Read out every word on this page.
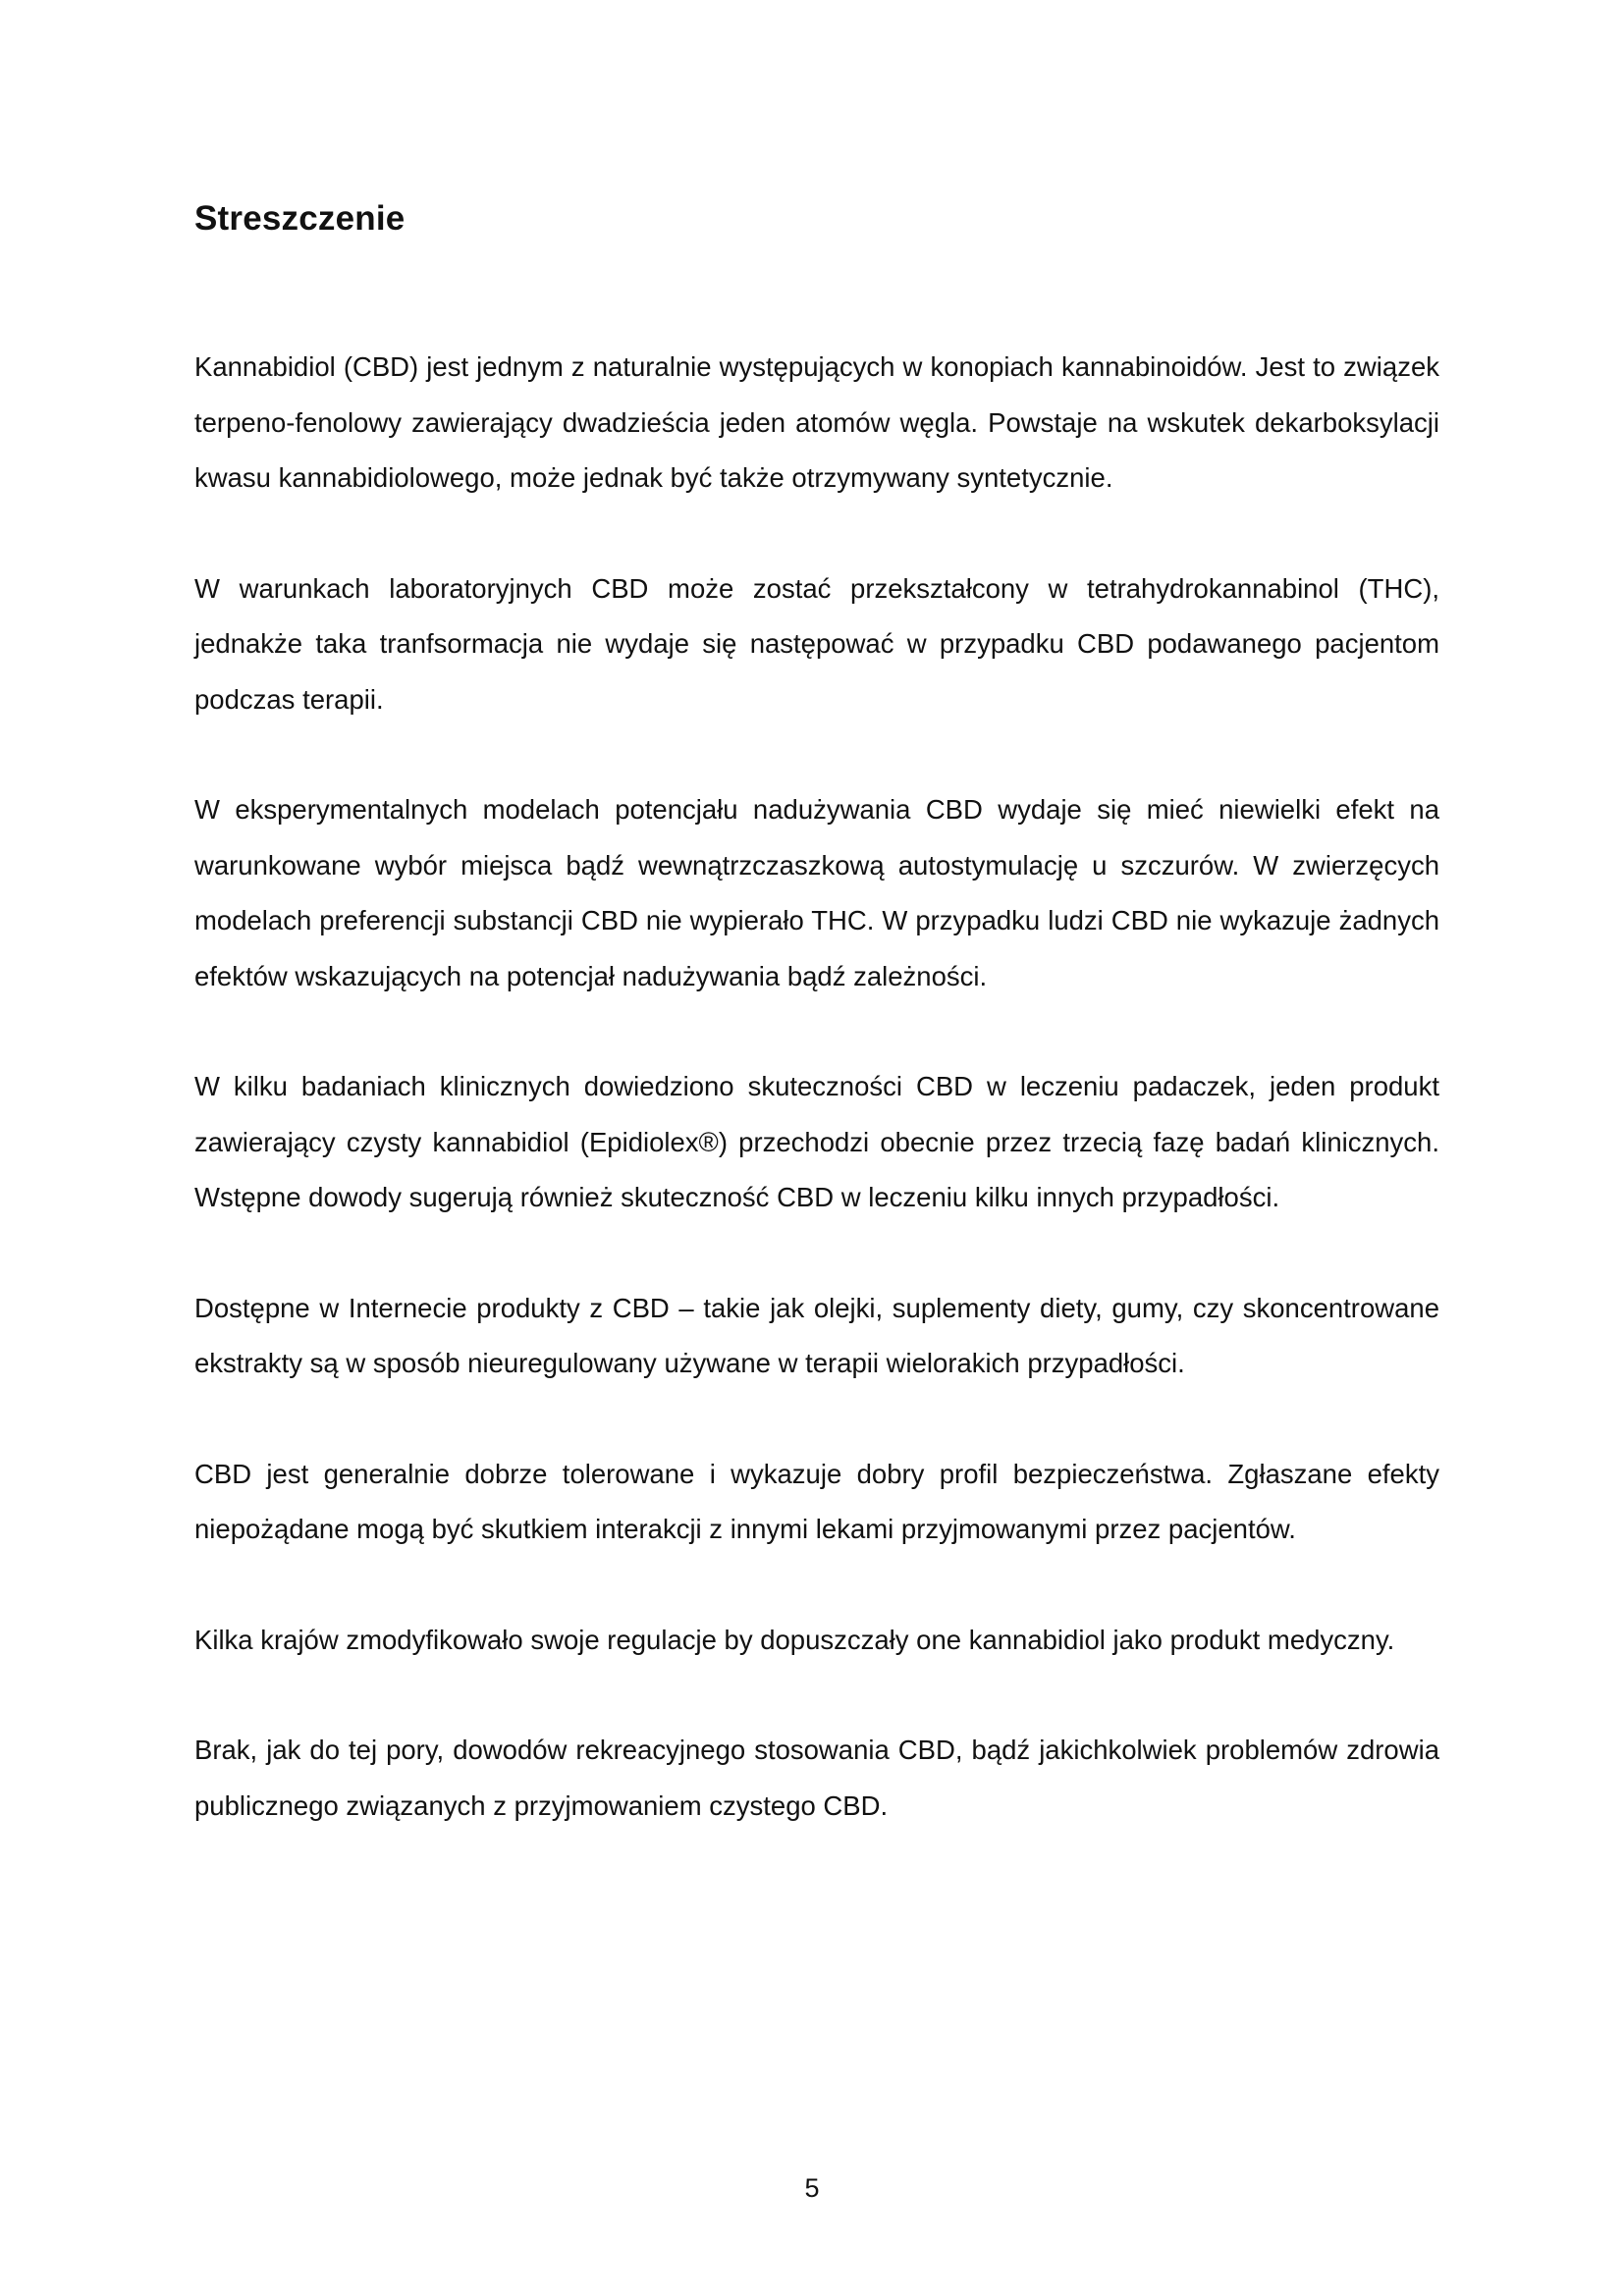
Streszczenie

Kannabidiol (CBD) jest jednym z naturalnie występujących w konopiach kannabinoidów. Jest to związek terpeno-fenolowy zawierający dwadzieścia jeden atomów węgla. Powstaje na wskutek dekarboksylacji kwasu kannabidiolowego, może jednak być także otrzymywany syntetycznie.

W warunkach laboratoryjnych CBD może zostać przekształcony w tetrahydrokannabinol (THC), jednakże taka tranfsormacja nie wydaje się następować w przypadku CBD podawanego pacjentom podczas terapii.

W eksperymentalnych modelach potencjału nadużywania CBD wydaje się mieć niewielki efekt na warunkowane wybór miejsca bądź wewnątrzczaszkową autostymulację u szczurów. W zwierzęcych modelach preferencji substancji CBD nie wypierało THC. W przypadku ludzi CBD nie wykazuje żadnych efektów wskazujących na potencjał nadużywania bądź zależności.

W kilku badaniach klinicznych dowiedziono skuteczności CBD w leczeniu padaczek, jeden produkt zawierający czysty kannabidiol (Epidiolex®) przechodzi obecnie przez trzecią fazę badań klinicznych. Wstępne dowody sugerują również skuteczność CBD w leczeniu kilku innych przypadłości.

Dostępne w Internecie produkty z CBD – takie jak olejki, suplementy diety, gumy, czy skoncentrowane ekstrakty są w sposób nieuregulowany używane w terapii wielorakich przypadłości.

CBD jest generalnie dobrze tolerowane i wykazuje dobry profil bezpieczeństwa. Zgłaszane efekty niepożądane mogą być skutkiem interakcji z innymi lekami przyjmowanymi przez pacjentów.

Kilka krajów zmodyfikowało swoje regulacje by dopuszczały one kannabidiol jako produkt medyczny.

Brak, jak do tej pory, dowodów rekreacyjnego stosowania CBD, bądź jakichkolwiek problemów zdrowia publicznego związanych z przyjmowaniem czystego CBD.

5
